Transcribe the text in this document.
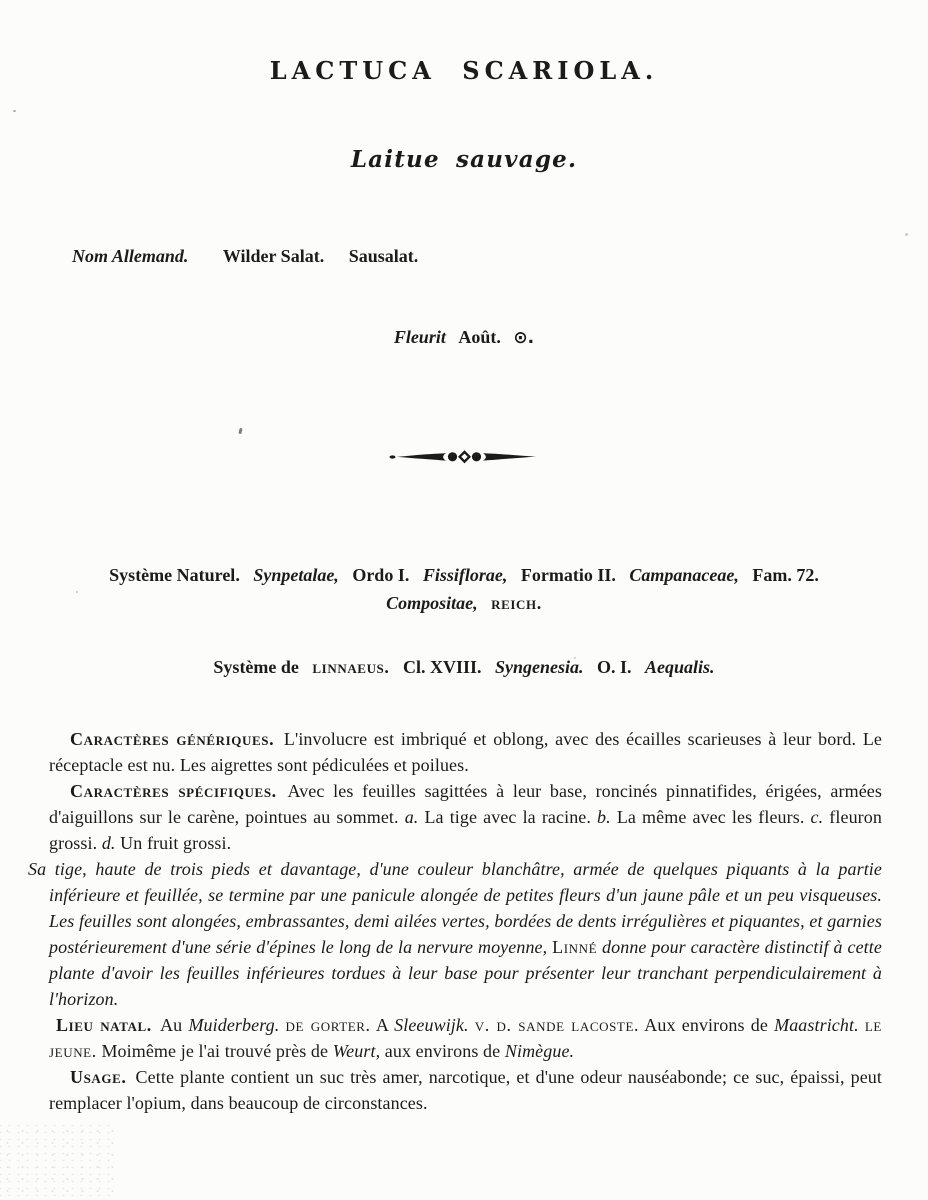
LACTUCA SCARIOLA.
Laitue sauvage.
Nom Allemand. Wilder Salat. Sausalat.
Fleurit Août. ⊙.
Système Naturel. Synpetalae, Ordo I. Fissiflorae, Formatio II. Campanaceae, Fam. 72.
Compositae, reich.
Système de linnaeus. Cl. XVIII. Syngenesia. O. I. Aequalis.

Caractères génériques. L'involucre est imbriqué et oblong, avec des écailles scarieuses à leur bord. Le réceptacle est nu. Les aigrettes sont pédiculées et poilues.

Caractères spécifiques. Avec les feuilles sagittées à leur base, roncinés pinnatifides, érigées, armées d'aiguillons sur le carène, pointues au sommet. a. La tige avec la racine. b. La même avec les fleurs. c. fleuron grossi. d. Un fruit grossi.

Sa tige, haute de trois pieds et davantage, d'une couleur blanchâtre, armée de quelques piquants à la partie inférieure et feuillée, se termine par une panicule alongée de petites fleurs d'un jaune pâle et un peu visqueuses. Les feuilles sont alongées, embrassantes, demi ailées vertes, bordées de dents irrégulières et piquantes, et garnies postérieurement d'une série d'épines le long de la nervure moyenne, Linné donne pour caractère distinctif à cette plante d'avoir les feuilles inférieures tordues à leur base pour présenter leur tranchant perpendiculairement à l'horizon.

Lieu natal. Au Muiderberg. de gorter. A Sleeuwijk. v. d. sande lacoste. Aux environs de Maastricht. le jeune. Moimême je l'ai trouvé près de Weurt, aux environs de Nimègue.

Usage. Cette plante contient un suc très amer, narcotique, et d'une odeur nauséabonde; ce suc, épaissi, peut remplacer l'opium, dans beaucoup de circonstances.
